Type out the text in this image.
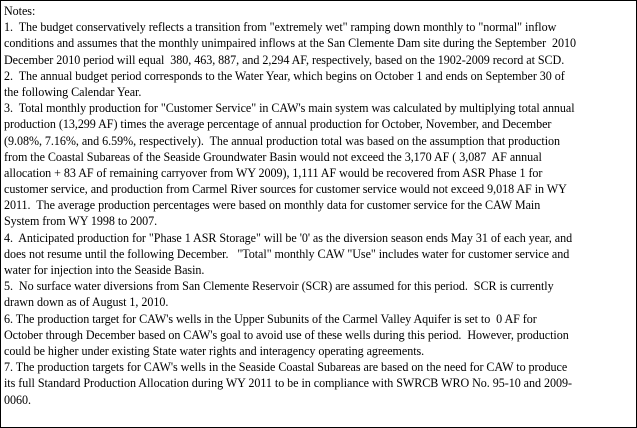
Notes:
1.  The budget conservatively reflects a transition from "extremely wet" ramping down monthly to "normal" inflow
conditions and assumes that the monthly unimpaired inflows at the San Clemente Dam site during the September  2010
December 2010 period will equal  380, 463, 887, and 2,294 AF, respectively, based on the 1902-2009 record at SCD.
2.  The annual budget period corresponds to the Water Year, which begins on October 1 and ends on September 30 of
the following Calendar Year.
3.  Total monthly production for "Customer Service" in CAW's main system was calculated by multiplying total annual
production (13,299 AF) times the average percentage of annual production for October, November, and December
(9.08%, 7.16%, and 6.59%, respectively).  The annual production total was based on the assumption that production
from the Coastal Subareas of the Seaside Groundwater Basin would not exceed the 3,170 AF ( 3,087  AF annual
allocation + 83 AF of remaining carryover from WY 2009), 1,111 AF would be recovered from ASR Phase 1 for
customer service, and production from Carmel River sources for customer service would not exceed 9,018 AF in WY
2011.  The average production percentages were based on monthly data for customer service for the CAW Main
System from WY 1998 to 2007.
4.  Anticipated production for "Phase 1 ASR Storage" will be '0' as the diversion season ends May 31 of each year, and
does not resume until the following December.   "Total" monthly CAW "Use" includes water for customer service and
water for injection into the Seaside Basin.
5.  No surface water diversions from San Clemente Reservoir (SCR) are assumed for this period.  SCR is currently
drawn down as of August 1, 2010.
6. The production target for CAW's wells in the Upper Subunits of the Carmel Valley Aquifer is set to  0 AF for
October through December based on CAW's goal to avoid use of these wells during this period.  However, production
could be higher under existing State water rights and interagency operating agreements.
7. The production targets for CAW's wells in the Seaside Coastal Subareas are based on the need for CAW to produce
its full Standard Production Allocation during WY 2011 to be in compliance with SWRCB WRO No. 95-10 and 2009-
0060.
